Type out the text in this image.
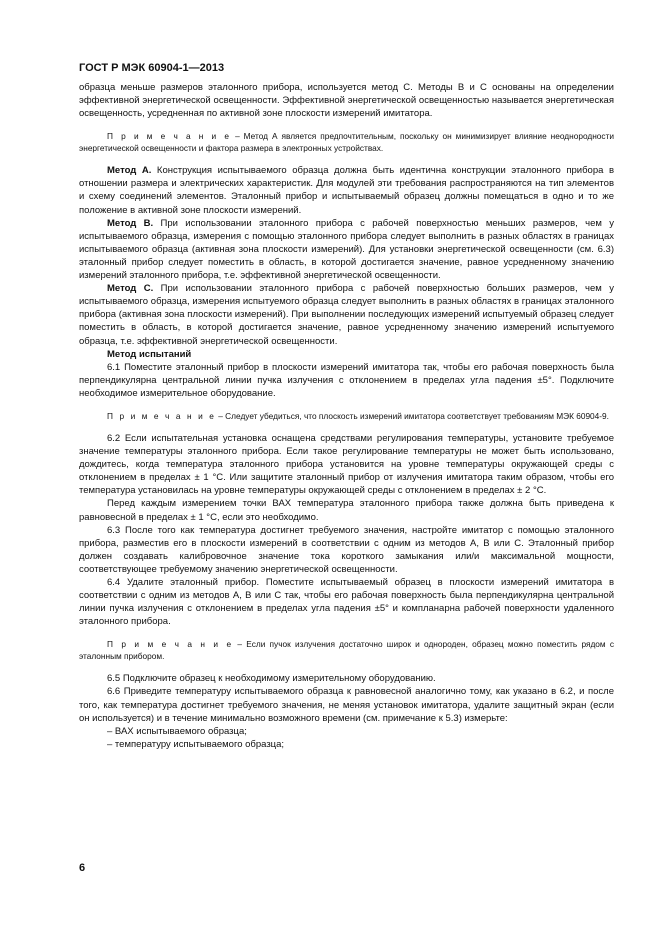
ГОСТ Р МЭК 60904-1—2013

образца меньше размеров эталонного прибора, используется метод С. Методы В и С основаны на определении эффективной энергетической освещенности. Эффективной энергетической освещенностью называется энергетическая освещенность, усредненная по активной зоне плоскости измерений имитатора.

П р и м е ч а н и е – Метод А является предпочтительным, поскольку он минимизирует влияние неоднородности энергетической освещенности и фактора размера в электронных устройствах.

Метод А. Конструкция испытываемого образца должна быть идентична конструкции эталонного прибора в отношении размера и электрических характеристик. Для модулей эти требования распространяются на тип элементов и схему соединений элементов. Эталонный прибор и испытываемый образец должны помещаться в одно и то же положение в активной зоне плоскости измерений.

Метод В. При использовании эталонного прибора с рабочей поверхностью меньших размеров, чем у испытываемого образца, измерения с помощью эталонного прибора следует выполнить в разных областях в границах испытываемого образца (активная зона плоскости измерений). Для установки энергетической освещенности (см. 6.3) эталонный прибор следует поместить в область, в которой достигается значение, равное усредненному значению измерений эталонного прибора, т.е. эффективной энергетической освещенности.

Метод С. При использовании эталонного прибора с рабочей поверхностью больших размеров, чем у испытываемого образца, измерения испытуемого образца следует выполнить в разных областях в границах эталонного прибора (активная зона плоскости измерений). При выполнении последующих измерений испытуемый образец следует поместить в область, в которой достигается значение, равное усредненному значению измерений испытуемого образца, т.е. эффективной энергетической освещенности.

Метод испытаний

6.1 Поместите эталонный прибор в плоскости измерений имитатора так, чтобы его рабочая поверхность была перпендикулярна центральной линии пучка излучения с отклонением в пределах угла падения ±5°. Подключите необходимое измерительное оборудование.

П р и м е ч а н и е – Следует убедиться, что плоскость измерений имитатора соответствует требованиям МЭК 60904-9.

6.2 Если испытательная установка оснащена средствами регулирования температуры, установите требуемое значение температуры эталонного прибора. Если такое регулирование температуры не может быть использовано, дождитесь, когда температура эталонного прибора установится на уровне температуры окружающей среды с отклонением в пределах ± 1 °С. Или защитите эталонный прибор от излучения имитатора таким образом, чтобы его температура установилась на уровне температуры окружающей среды с отклонением в пределах ± 2 °С.

Перед каждым измерением точки ВАХ температура эталонного прибора также должна быть приведена к равновесной в пределах ± 1 °С, если это необходимо.

6.3 После того как температура достигнет требуемого значения, настройте имитатор с помощью эталонного прибора, разместив его в плоскости измерений в соответствии с одним из методов А, В или С. Эталонный прибор должен создавать калибровочное значение тока короткого замыкания или/и максимальной мощности, соответствующее требуемому значению энергетической освещенности.

6.4 Удалите эталонный прибор. Поместите испытываемый образец в плоскости измерений имитатора в соответствии с одним из методов А, В или С так, чтобы его рабочая поверхность была перпендикулярна центральной линии пучка излучения с отклонением в пределах угла падения ±5° и компланарна рабочей поверхности удаленного эталонного прибора.

П р и м е ч а н и е – Если пучок излучения достаточно широк и однороден, образец можно поместить рядом с эталонным прибором.

6.5 Подключите образец к необходимому измерительному оборудованию.

6.6 Приведите температуру испытываемого образца к равновесной аналогично тому, как указано в 6.2, и после того, как температура достигнет требуемого значения, не меняя установок имитатора, удалите защитный экран (если он используется) и в течение минимально возможного времени (см. примечание к 5.3) измерьте:

– ВАХ испытываемого образца;

– температуру испытываемого образца;

6
